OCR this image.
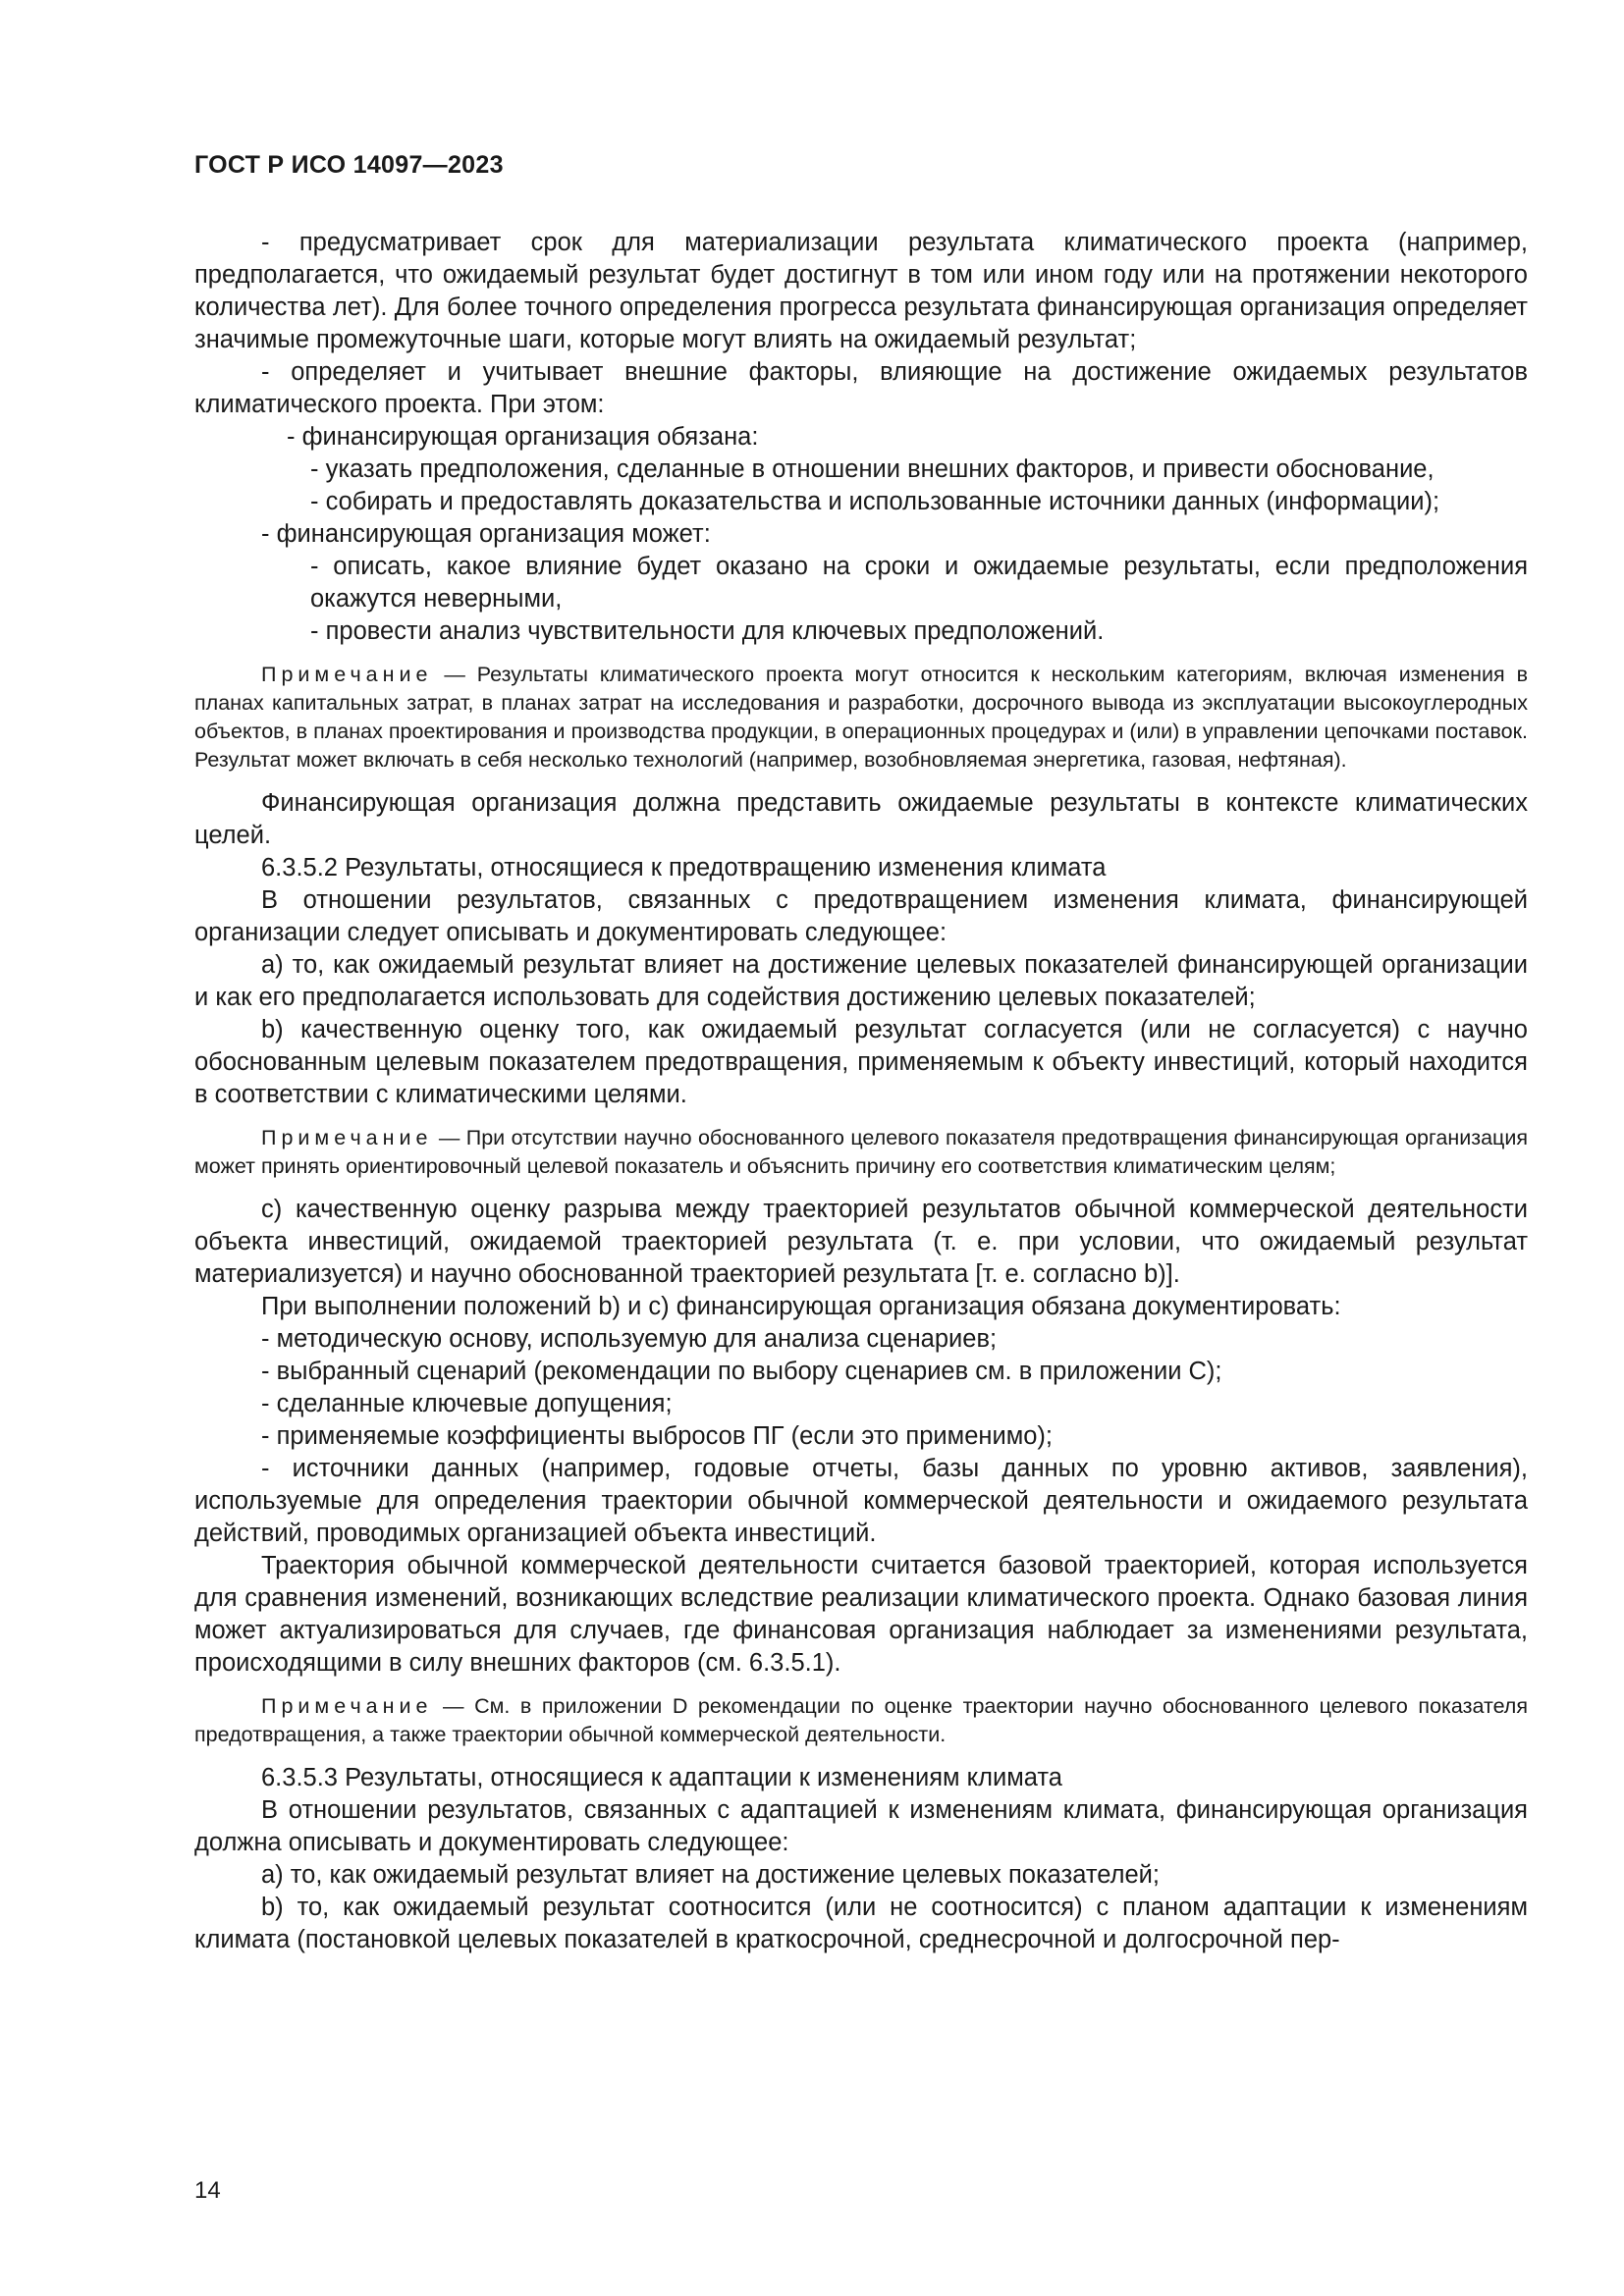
ГОСТ Р ИСО 14097—2023

- предусматривает срок для материализации результата климатического проекта (например, предполагается, что ожидаемый результат будет достигнут в том или ином году или на протяжении некоторого количества лет). Для более точного определения прогресса результата финансирующая организация определяет значимые промежуточные шаги, которые могут влиять на ожидаемый результат;

- определяет и учитывает внешние факторы, влияющие на достижение ожидаемых результатов климатического проекта. При этом:

- финансирующая организация обязана:

- указать предположения, сделанные в отношении внешних факторов, и привести обоснование,

- собирать и предоставлять доказательства и использованные источники данных (информации);

- финансирующая организация может:

- описать, какое влияние будет оказано на сроки и ожидаемые результаты, если предположения окажутся неверными,

- провести анализ чувствительности для ключевых предположений.

Примечание — Результаты климатического проекта могут относится к нескольким категориям, включая изменения в планах капитальных затрат, в планах затрат на исследования и разработки, досрочного вывода из эксплуатации высокоуглеродных объектов, в планах проектирования и производства продукции, в операционных процедурах и (или) в управлении цепочками поставок. Результат может включать в себя несколько технологий (например, возобновляемая энергетика, газовая, нефтяная).

Финансирующая организация должна представить ожидаемые результаты в контексте климатических целей.

6.3.5.2 Результаты, относящиеся к предотвращению изменения климата

В отношении результатов, связанных с предотвращением изменения климата, финансирующей организации следует описывать и документировать следующее:

a) то, как ожидаемый результат влияет на достижение целевых показателей финансирующей организации и как его предполагается использовать для содействия достижению целевых показателей;

b) качественную оценку того, как ожидаемый результат согласуется (или не согласуется) с научно обоснованным целевым показателем предотвращения, применяемым к объекту инвестиций, который находится в соответствии с климатическими целями.

Примечание — При отсутствии научно обоснованного целевого показателя предотвращения финансирующая организация может принять ориентировочный целевой показатель и объяснить причину его соответствия климатическим целям;

c) качественную оценку разрыва между траекторией результатов обычной коммерческой деятельности объекта инвестиций, ожидаемой траекторией результата (т. е. при условии, что ожидаемый результат материализуется) и научно обоснованной траекторией результата [т. е. согласно b)].

При выполнении положений b) и c) финансирующая организация обязана документировать:

- методическую основу, используемую для анализа сценариев;

- выбранный сценарий (рекомендации по выбору сценариев см. в приложении С);

- сделанные ключевые допущения;

- применяемые коэффициенты выбросов ПГ (если это применимо);

- источники данных (например, годовые отчеты, базы данных по уровню активов, заявления), используемые для определения траектории обычной коммерческой деятельности и ожидаемого результата действий, проводимых организацией объекта инвестиций.

Траектория обычной коммерческой деятельности считается базовой траекторией, которая используется для сравнения изменений, возникающих вследствие реализации климатического проекта. Однако базовая линия может актуализироваться для случаев, где финансовая организация наблюдает за изменениями результата, происходящими в силу внешних факторов (см. 6.3.5.1).

Примечание — См. в приложении D рекомендации по оценке траектории научно обоснованного целевого показателя предотвращения, а также траектории обычной коммерческой деятельности.

6.3.5.3 Результаты, относящиеся к адаптации к изменениям климата

В отношении результатов, связанных с адаптацией к изменениям климата, финансирующая организация должна описывать и документировать следующее:

a) то, как ожидаемый результат влияет на достижение целевых показателей;

b) то, как ожидаемый результат соотносится (или не соотносится) с планом адаптации к изменениям климата (постановкой целевых показателей в краткосрочной, среднесрочной и долгосрочной пер-

14
